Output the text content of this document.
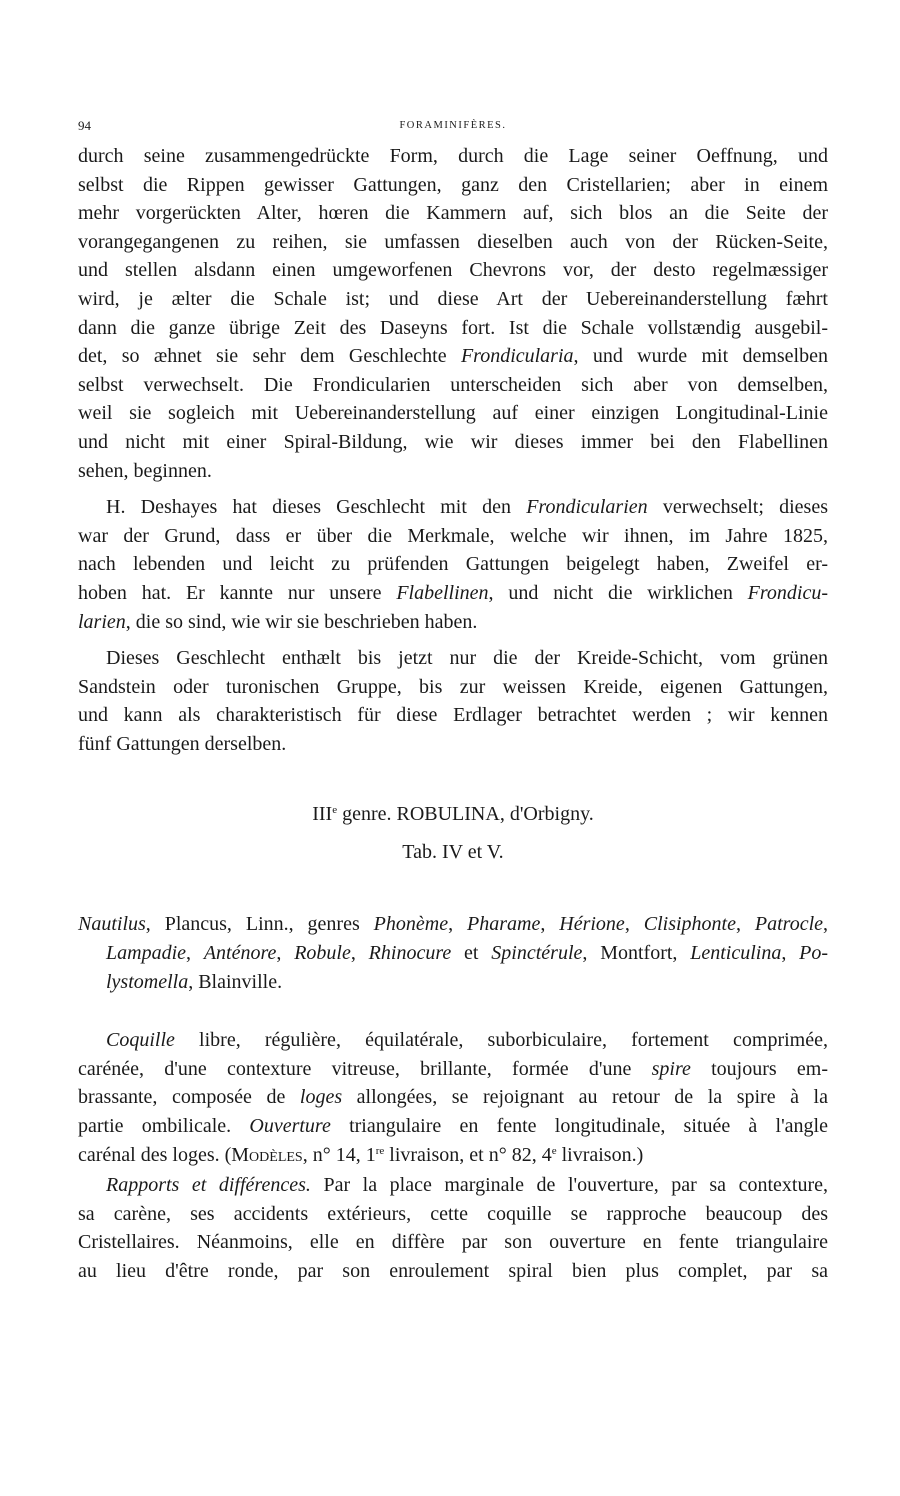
94	FORAMINIFÈRES.
durch seine zusammengedrückte Form, durch die Lage seiner Oeffnung, und
selbst die Rippen gewisser Gattungen, ganz den Cristellarien; aber in einem
mehr vorgerückten Alter, hœren die Kammern auf, sich blos an die Seite der
vorangegangenen zu reihen, sie umfassen dieselben auch von der Rücken-Seite,
und stellen alsdann einen umgeworfenen Chevrons vor, der desto regelmæssiger
wird, je ælter die Schale ist; und diese Art der Uebereinanderstellung fæhrt
dann die ganze übrige Zeit des Daseyns fort. Ist die Schale vollstændig ausgebil-
det, so æhnet sie sehr dem Geschlechte Frondicularia, und wurde mit demselben
selbst verwechselt. Die Frondicularien unterscheiden sich aber von demselben,
weil sie sogleich mit Uebereinanderstellung auf einer einzigen Longitudinal-Linie
und nicht mit einer Spiral-Bildung, wie wir dieses immer bei den Flabellinen
sehen, beginnen.
H. Deshayes hat dieses Geschlecht mit den Frondicularien verwechselt; dieses
war der Grund, dass er über die Merkmale, welche wir ihnen, im Jahre 1825,
nach lebenden und leicht zu prüfenden Gattungen beigelegt haben, Zweifel er-
hoben hat. Er kannte nur unsere Flabellinen, und nicht die wirklichen Frondicu-
larien, die so sind, wie wir sie beschrieben haben.
Dieses Geschlecht enthælt bis jetzt nur die der Kreide-Schicht, vom grünen
Sandstein oder turonischen Gruppe, bis zur weissen Kreide, eigenen Gattungen,
und kann als charakteristisch für diese Erdlager betrachtet werden ; wir kennen
fünf Gattungen derselben.
IIIe genre. ROBULINA, d'Orbigny.
Tab. IV et V.
Nautilus, Plancus, Linn., genres Phonème, Pharame, Hérione, Clisiphonte, Patrocle,
Lampadie, Anténore, Robule, Rhinocure et Spinctérule, Montfort, Lenticulina, Po-
lystomella, Blainville.
Coquille libre, régulière, équilatérale, suborbiculaire, fortement comprimée,
carénée, d'une contexture vitreuse, brillante, formée d'une spire toujours em-
brassante, composée de loges allongées, se rejoignant au retour de la spire à la
partie ombilicale. Ouverture triangulaire en fente longitudinale, située à l'angle
carénal des loges. (Modèles, n° 14, 1re livraison, et n° 82, 4e livraison.)
Rapports et différences. Par la place marginale de l'ouverture, par sa contexture,
sa carène, ses accidents extérieurs, cette coquille se rapproche beaucoup des
Cristellaires. Néanmoins, elle en diffère par son ouverture en fente triangulaire
au lieu d'être ronde, par son enroulement spiral bien plus complet, par sa
